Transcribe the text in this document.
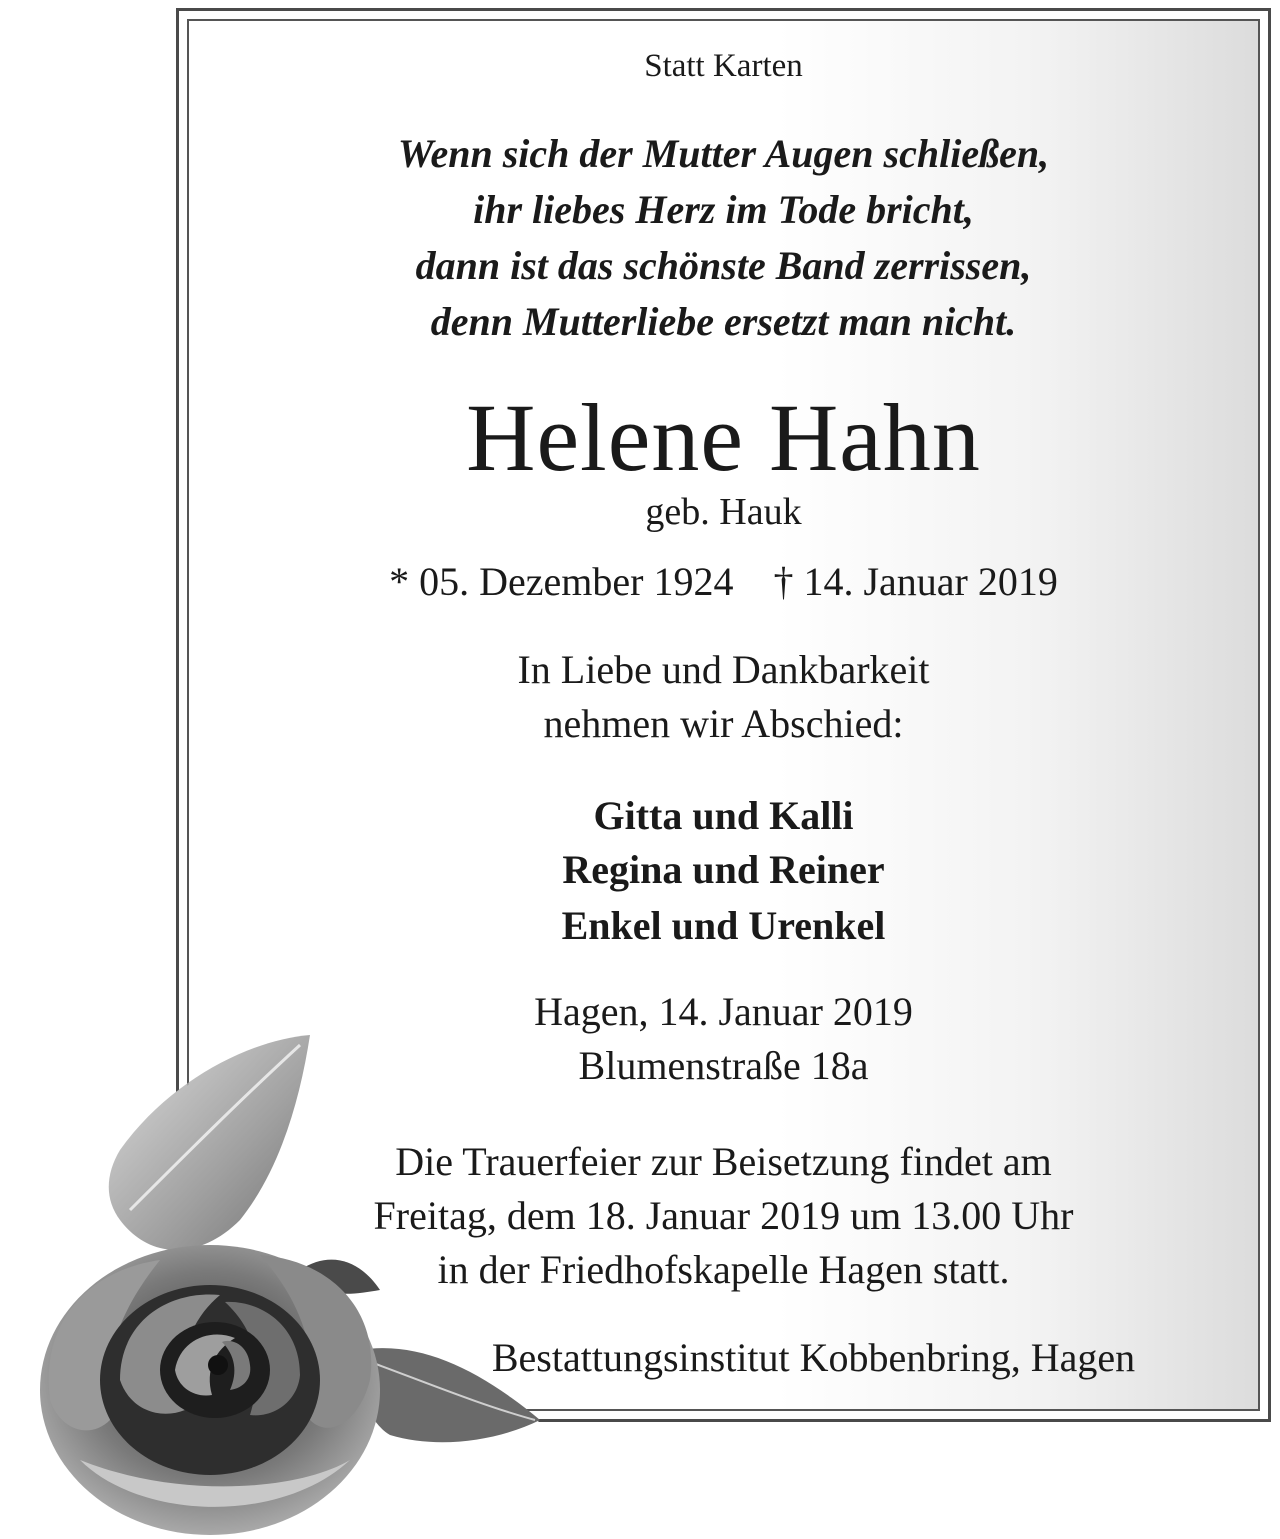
Statt Karten
Wenn sich der Mutter Augen schließen,
ihr liebes Herz im Tode bricht,
dann ist das schönste Band zerrissen,
denn Mutterliebe ersetzt man nicht.
Helene Hahn
geb. Hauk
* 05. Dezember 1924 † 14. Januar 2019
In Liebe und Dankbarkeit
nehmen wir Abschied:
Gitta und Kalli
Regina und Reiner
Enkel und Urenkel
Hagen, 14. Januar 2019
Blumenstraße 18a
Die Trauerfeier zur Beisetzung findet am
Freitag, dem 18. Januar 2019 um 13.00 Uhr
in der Friedhofskapelle Hagen statt.
Bestattungsinstitut Kobbenbring, Hagen
